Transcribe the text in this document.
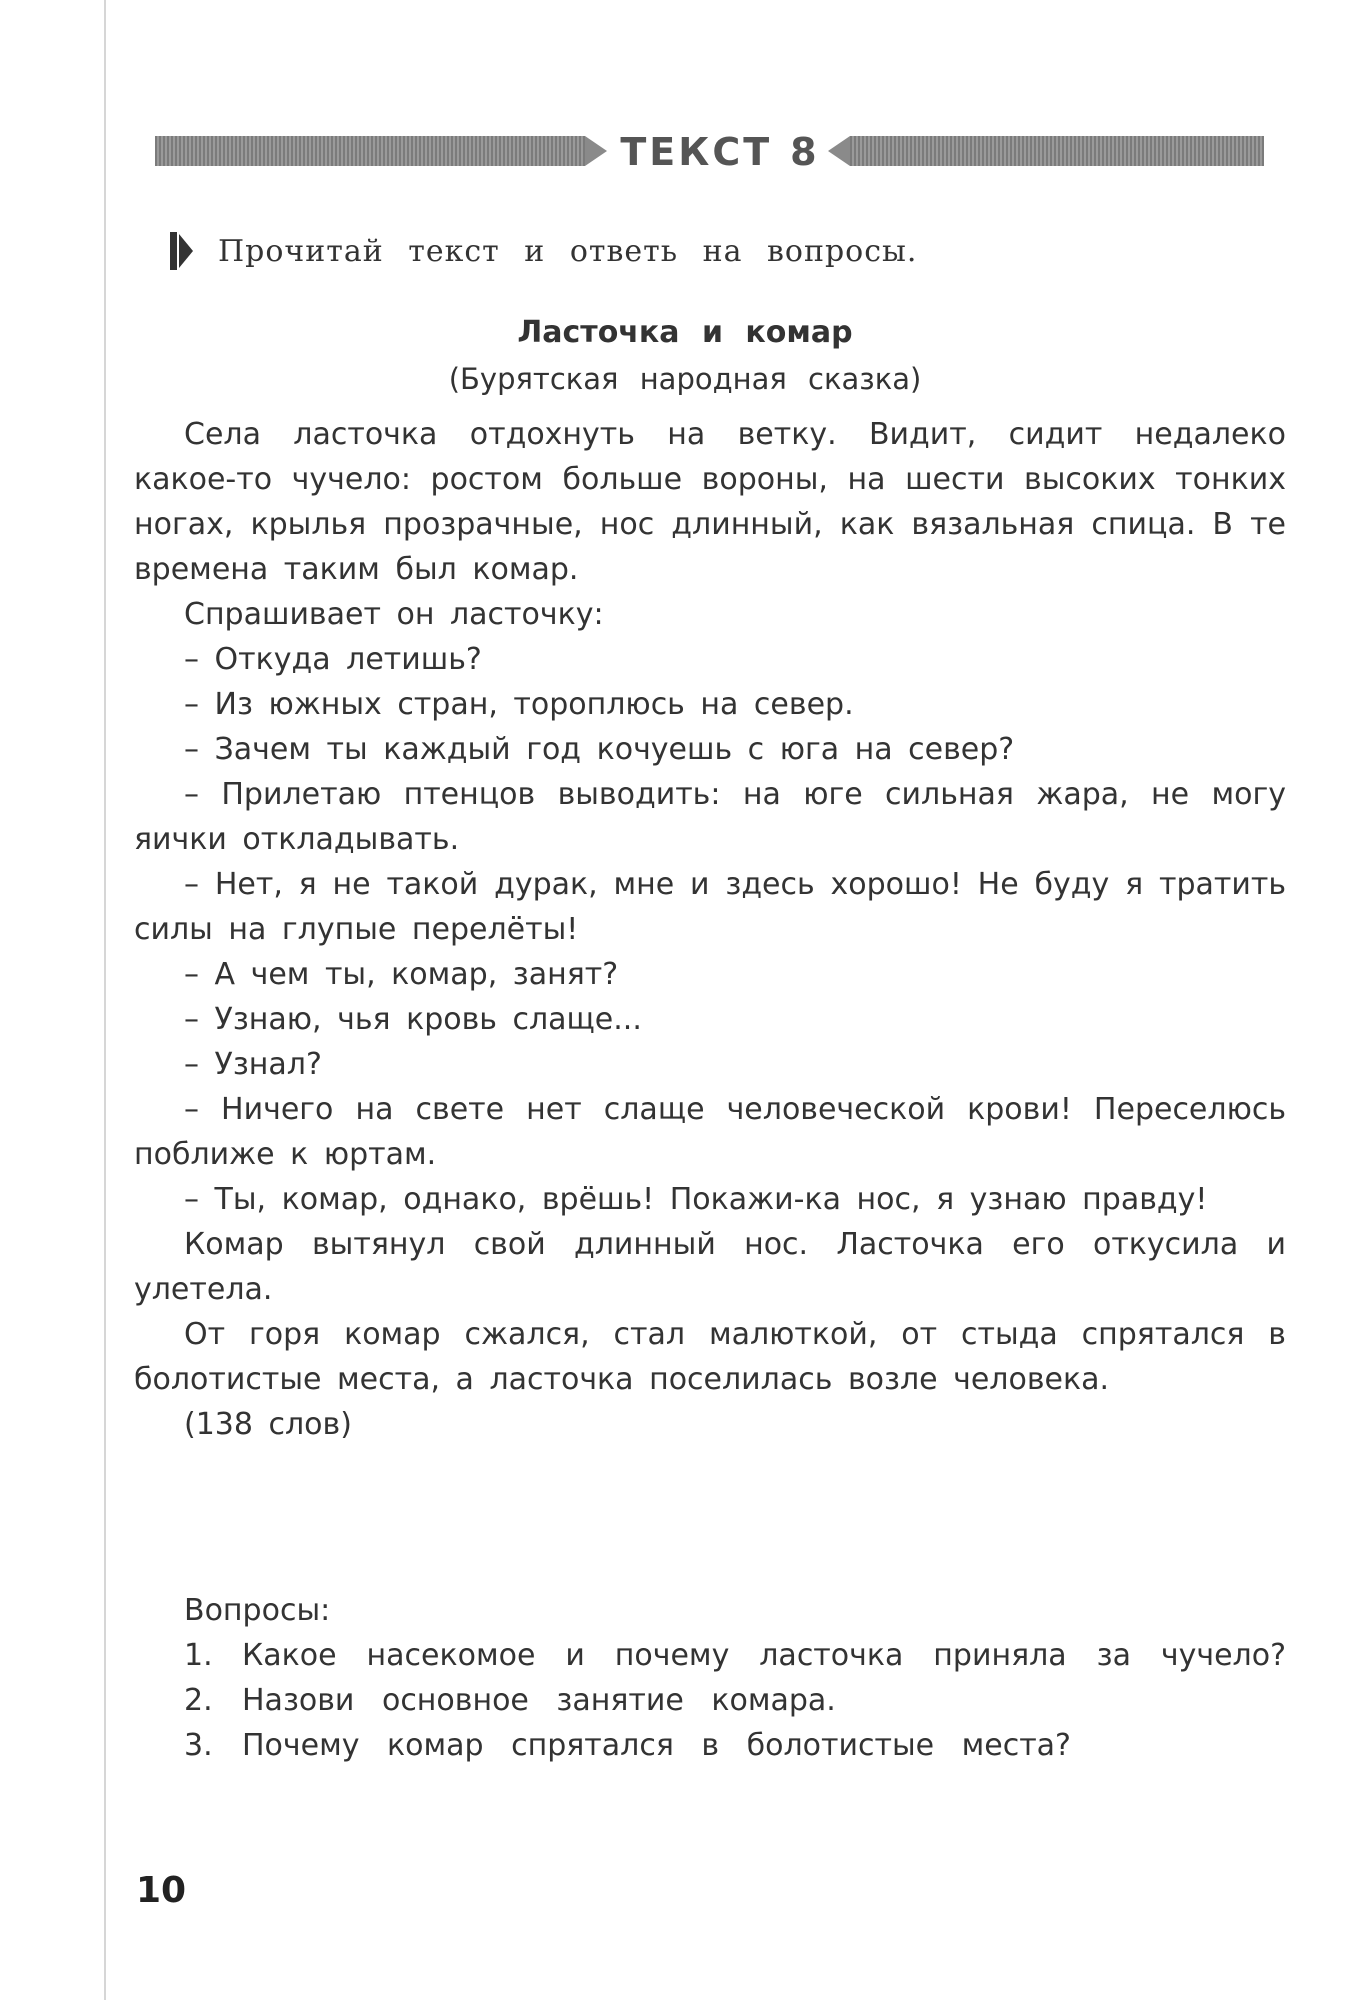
ТЕКСТ 8
Прочитай текст и ответь на вопросы.
Ласточка и комар
(Бурятская народная сказка)

Села ласточка отдохнуть на ветку. Видит, сидит недалеко какое-то чучело: ростом больше вороны, на шести высоких тонких ногах, крылья прозрачные, нос длинный, как вязальная спица. В те времена таким был комар.

Спрашивает он ласточку:

– Откуда летишь?

– Из южных стран, тороплюсь на север.

– Зачем ты каждый год кочуешь с юга на север?

– Прилетаю птенцов выводить: на юге сильная жара, не могу яички откладывать.

– Нет, я не такой дурак, мне и здесь хорошо! Не буду я тратить силы на глупые перелёты!

– А чем ты, комар, занят?

– Узнаю, чья кровь слаще...

– Узнал?

– Ничего на свете нет слаще человеческой крови! Переселюсь поближе к юртам.

– Ты, комар, однако, врёшь! Покажи-ка нос, я узнаю правду!

Комар вытянул свой длинный нос. Ласточка его откусила и улетела.

От горя комар сжался, стал малюткой, от стыда спрятался в болотистые места, а ласточка поселилась возле человека.

(138 слов)

Вопросы:

1. Какое насекомое и почему ласточка приняла за чучело?
2. Назови основное занятие комара.
3. Почему комар спрятался в болотистые места?
10
